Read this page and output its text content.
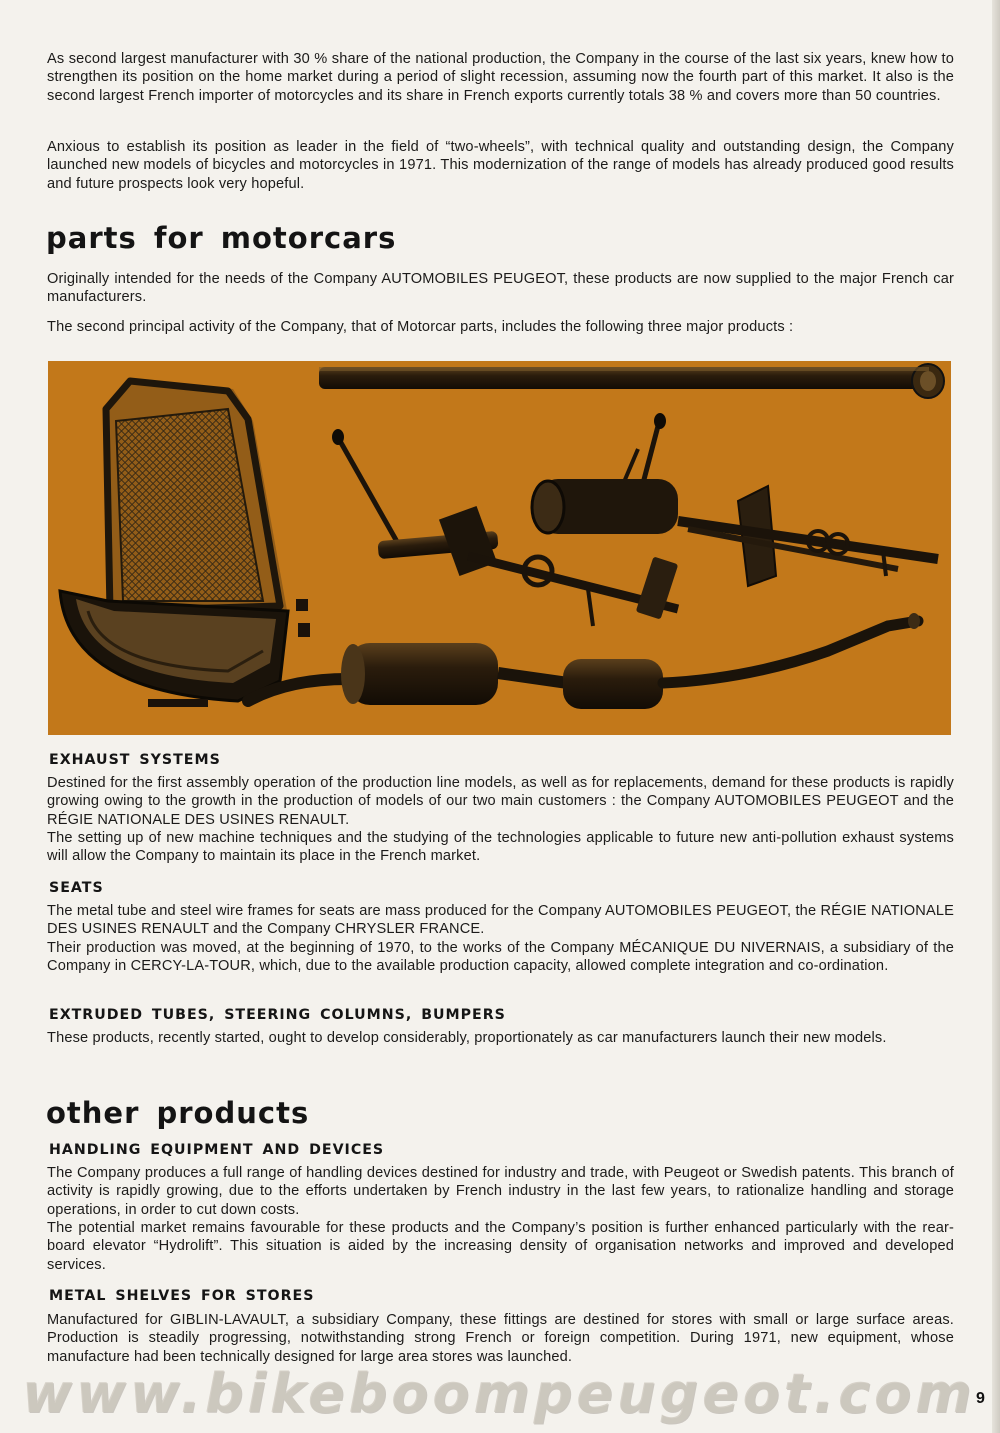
As second largest manufacturer with 30 % share of the national production, the Company in the course of the last six years, knew how to strengthen its position on the home market during a period of slight recession, assuming now the fourth part of this market. It also is the second largest French importer of motorcycles and its share in French exports currently totals 38 % and covers more than 50 countries.

Anxious to establish its position as leader in the field of “two-wheels”, with technical quality and outstanding design, the Company launched new models of bicycles and motorcycles in 1971. This modernization of the range of models has already produced good results and future prospects look very hopeful.

parts for motorcars

Originally intended for the needs of the Company AUTOMOBILES PEUGEOT, these products are now supplied to the major French car manufacturers.

The second principal activity of the Company, that of Motorcar parts, includes the following three major products :

EXHAUST SYSTEMS

Destined for the first assembly operation of the production line models, as well as for replacements, demand for these products is rapidly growing owing to the growth in the production of models of our two main customers : the Company AUTOMOBILES PEUGEOT and the RÉGIE NATIONALE DES USINES RENAULT.

The setting up of new machine techniques and the studying of the technologies applicable to future new anti-pollution exhaust systems will allow the Company to maintain its place in the French market.

SEATS

The metal tube and steel wire frames for seats are mass produced for the Company AUTOMOBILES PEUGEOT, the RÉGIE NATIONALE DES USINES RENAULT and the Company CHRYSLER FRANCE.

Their production was moved, at the beginning of 1970, to the works of the Company MÉCANIQUE DU NIVERNAIS, a subsidiary of the Company in CERCY-LA-TOUR, which, due to the available production capacity, allowed complete integration and co-ordination.

EXTRUDED TUBES, STEERING COLUMNS, BUMPERS

These products, recently started, ought to develop considerably, proportionately as car manufacturers launch their new models.

other products
HANDLING EQUIPMENT AND DEVICES

The Company produces a full range of handling devices destined for industry and trade, with Peugeot or Swedish patents. This branch of activity is rapidly growing, due to the efforts undertaken by French industry in the last few years, to rationalize handling and storage operations, in order to cut down costs.

The potential market remains favourable for these products and the Company’s position is further enhanced particularly with the rear-board elevator “Hydrolift”. This situation is aided by the increasing density of organisation networks and improved and developed services.

METAL SHELVES FOR STORES

Manufactured for GIBLIN-LAVAULT, a subsidiary Company, these fittings are destined for stores with small or large surface areas. Production is steadily progressing, notwithstanding strong French or foreign competition. During 1971, new equipment, whose manufacture had been technically designed for large area stores was launched.

www.bikeboompeugeot.com 9
